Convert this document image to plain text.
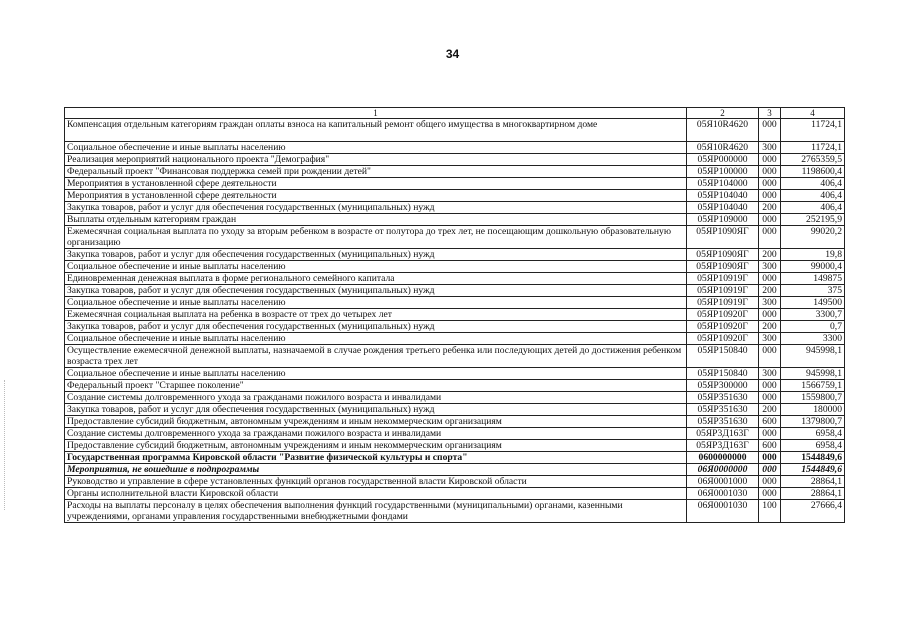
34
1	2	3	4
Компенсация отдельным категориям граждан оплаты взноса на капитальный ремонт общего имущества в многоквартирном доме	05Я10R4620	000	11724,1
Социальное обеспечение и иные выплаты населению	05Я10R4620	300	11724,1
Реализация мероприятий национального проекта "Демография"	05ЯР000000	000	2765359,5
Федеральный проект "Финансовая поддержка семей при рождении детей"	05ЯР100000	000	1198600,4
Мероприятия в установленной сфере деятельности	05ЯР104000	000	406,4
Мероприятия в установленной сфере деятельности	05ЯР104040	000	406,4
Закупка товаров, работ и услуг для обеспечения государственных (муниципальных) нужд	05ЯР104040	200	406,4
Выплаты отдельным категориям граждан	05ЯР109000	000	252195,9
Ежемесячная социальная выплата по уходу за вторым ребенком в возрасте от полутора до трех лет, не посещающим дошкольную образовательную организацию	05ЯР1090ЯГ	000	99020,2
Закупка товаров, работ и услуг для обеспечения государственных (муниципальных) нужд	05ЯР1090ЯГ	200	19,8
Социальное обеспечение и иные выплаты населению	05ЯР1090ЯГ	300	99000,4
Единовременная денежная выплата в форме регионального семейного капитала	05ЯР10919Г	000	149875
Закупка товаров, работ и услуг для обеспечения государственных (муниципальных) нужд	05ЯР10919Г	200	375
Социальное обеспечение и иные выплаты населению	05ЯР10919Г	300	149500
Ежемесячная социальная выплата на ребенка в возрасте от трех до четырех лет	05ЯР10920Г	000	3300,7
Закупка товаров, работ и услуг для обеспечения государственных (муниципальных) нужд	05ЯР10920Г	200	0,7
Социальное обеспечение и иные выплаты населению	05ЯР10920Г	300	3300
Осуществление ежемесячной денежной выплаты, назначаемой в случае рождения третьего ребенка или последующих детей до достижения ребенком возраста трех лет	05ЯР150840	000	945998,1
Социальное обеспечение и иные выплаты населению	05ЯР150840	300	945998,1
Федеральный проект "Старшее поколение"	05ЯР300000	000	1566759,1
Создание системы долговременного ухода за гражданами пожилого возраста и инвалидами	05ЯР351630	000	1559800,7
Закупка товаров, работ и услуг для обеспечения государственных (муниципальных) нужд	05ЯР351630	200	180000
Предоставление субсидий бюджетным, автономным учреждениям и иным некоммерческим организациям	05ЯР351630	600	1379800,7
Создание системы долговременного ухода за гражданами пожилого возраста и инвалидами	05ЯР3Д163Г	000	6958,4
Предоставление субсидий бюджетным, автономным учреждениям и иным некоммерческим организациям	05ЯР3Д163Г	600	6958,4
Государственная программа Кировской области "Развитие физической культуры и спорта"	0600000000	000	1544849,6
Мероприятия, не вошедшие в подпрограммы	06Я0000000	000	1544849,6
Руководство и управление в сфере установленных функций органов государственной власти Кировской области	06Я0001000	000	28864,1
Органы исполнительной власти Кировской области	06Я0001030	000	28864,1
Расходы на выплаты персоналу в целях обеспечения выполнения функций государственными (муниципальными) органами, казенными учреждениями, органами управления государственными внебюджетными фондами	06Я0001030	100	27666,4
